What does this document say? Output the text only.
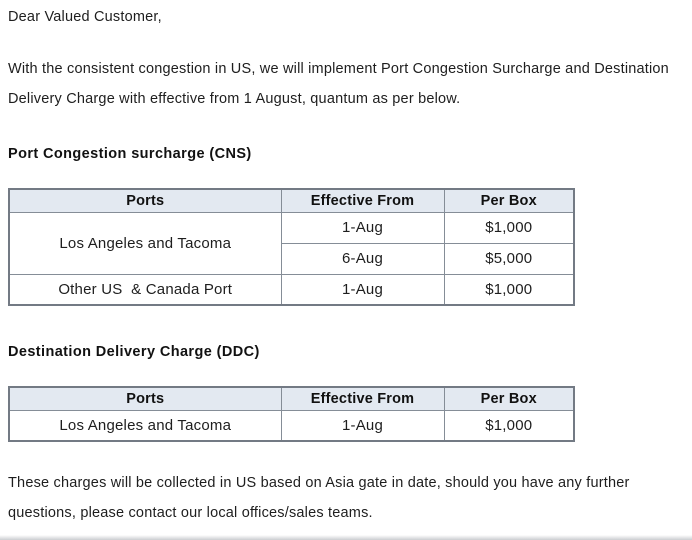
Dear Valued Customer,
With the consistent congestion in US, we will implement Port Congestion Surcharge and Destination
Delivery Charge with effective from 1 August, quantum as per below.
Port Congestion surcharge (CNS)
Ports	Effective From	Per Box
Los Angeles and Tacoma	1-Aug	$1,000
	6-Aug	$5,000
Other US  & Canada Port	1-Aug	$1,000
Destination Delivery Charge (DDC)
Ports	Effective From	Per Box
Los Angeles and Tacoma	1-Aug	$1,000
These charges will be collected in US based on Asia gate in date, should you have any further
questions, please contact our local offices/sales teams.
